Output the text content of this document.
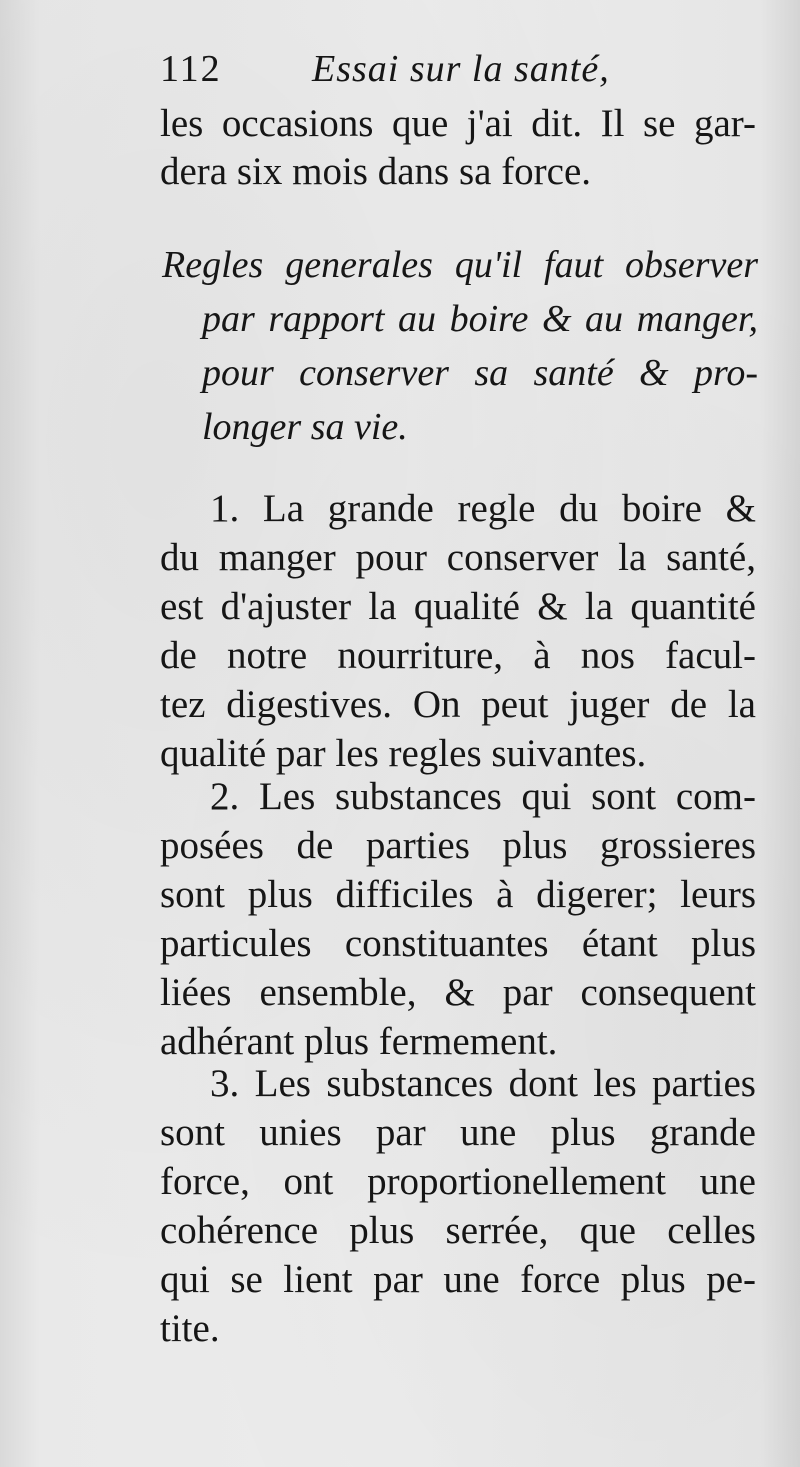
112 Essai sur la santé,
les occasions que j'ai dit. Il se gar-
dera six mois dans sa force.
Regles generales qu'il faut observer
par rapport au boire & au manger,
pour conserver sa santé & pro-
longer sa vie.
1. La grande regle du boire &
du manger pour conserver la santé,
est d'ajuster la qualité & la quantité
de notre nourriture, à nos facul-
tez digestives. On peut juger de la
qualité par les regles suivantes.
2. Les substances qui sont com-
posées de parties plus grossieres
sont plus difficiles à digerer; leurs
particules constituantes étant plus
liées ensemble, & par consequent
adhérant plus fermement.
3. Les substances dont les parties
sont unies par une plus grande
force, ont proportionellement une
cohérence plus serrée, que celles
qui se lient par une force plus pe-
tite.
